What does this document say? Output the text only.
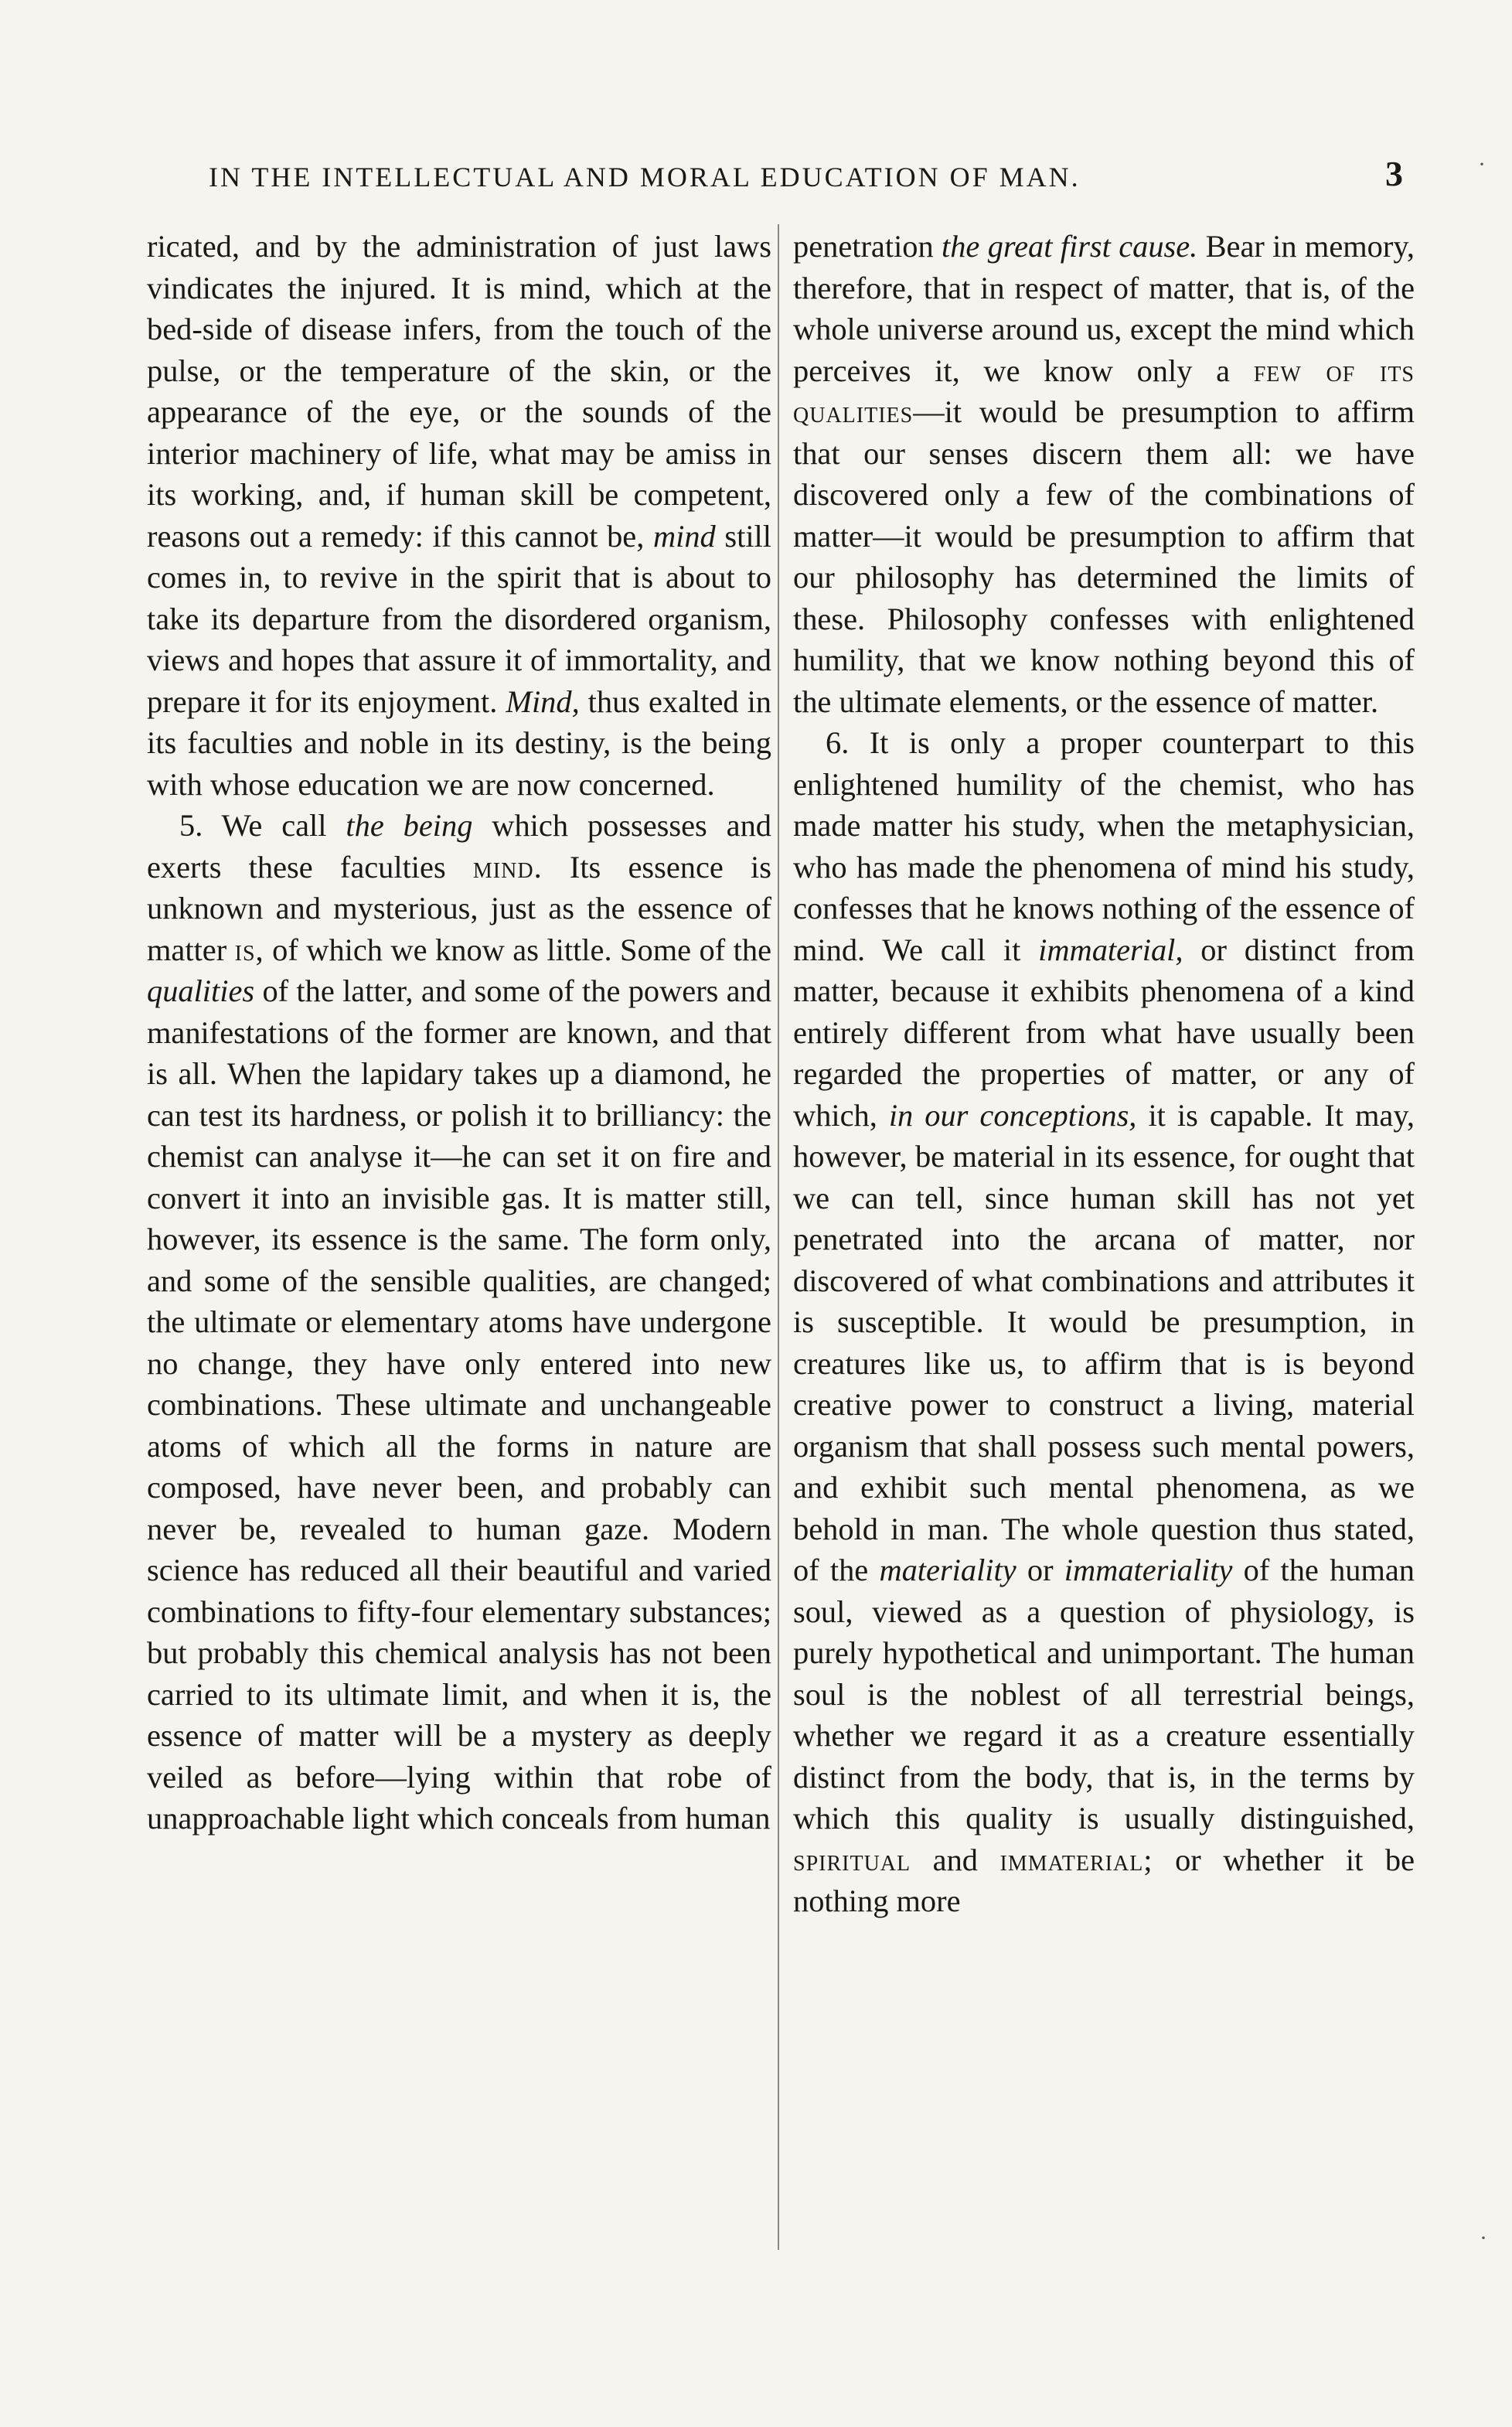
IN THE INTELLECTUAL AND MORAL EDUCATION OF MAN.	3

ricated, and by the administration of just laws vindicates the injured. It is mind, which at the bed-side of disease infers, from the touch of the pulse, or the temperature of the skin, or the appearance of the eye, or the sounds of the interior machinery of life, what may be amiss in its working, and, if human skill be competent, reasons out a remedy: if this cannot be, mind still comes in, to revive in the spirit that is about to take its departure from the disordered organism, views and hopes that assure it of immortality, and prepare it for its enjoyment. Mind, thus exalted in its faculties and noble in its destiny, is the being with whose education we are now concerned.

5. We call the being which possesses and exerts these faculties mind. Its essence is unknown and mysterious, just as the essence of matter is, of which we know as little. Some of the qualities of the latter, and some of the powers and manifestations of the former are known, and that is all. When the lapidary takes up a diamond, he can test its hardness, or polish it to brilliancy: the chemist can analyse it—he can set it on fire and convert it into an invisible gas. It is matter still, however, its essence is the same. The form only, and some of the sensible qualities, are changed; the ultimate or elementary atoms have undergone no change, they have only entered into new combinations. These ultimate and unchangeable atoms of which all the forms in nature are composed, have never been, and probably can never be, revealed to human gaze. Modern science has reduced all their beautiful and varied combinations to fifty-four elementary substances; but probably this chemical analysis has not been carried to its ultimate limit, and when it is, the essence of matter will be a mystery as deeply veiled as before—lying within that robe of unapproachable light which conceals from human

penetration the great first cause. Bear in memory, therefore, that in respect of matter, that is, of the whole universe around us, except the mind which perceives it, we know only a few of its qualities—it would be presumption to affirm that our senses discern them all: we have discovered only a few of the combinations of matter—it would be presumption to affirm that our philosophy has determined the limits of these. Philosophy confesses with enlightened humility, that we know nothing beyond this of the ultimate elements, or the essence of matter.

6. It is only a proper counterpart to this enlightened humility of the chemist, who has made matter his study, when the metaphysician, who has made the phenomena of mind his study, confesses that he knows nothing of the essence of mind. We call it immaterial, or distinct from matter, because it exhibits phenomena of a kind entirely different from what have usually been regarded the properties of matter, or any of which, in our conceptions, it is capable. It may, however, be material in its essence, for ought that we can tell, since human skill has not yet penetrated into the arcana of matter, nor discovered of what combinations and attributes it is susceptible. It would be presumption, in creatures like us, to affirm that is is beyond creative power to construct a living, material organism that shall possess such mental powers, and exhibit such mental phenomena, as we behold in man. The whole question thus stated, of the materiality or immateriality of the human soul, viewed as a question of physiology, is purely hypothetical and unimportant. The human soul is the noblest of all terrestrial beings, whether we regard it as a creature essentially distinct from the body, that is, in the terms by which this quality is usually distinguished, spiritual and immaterial; or whether it be nothing more

·
·
